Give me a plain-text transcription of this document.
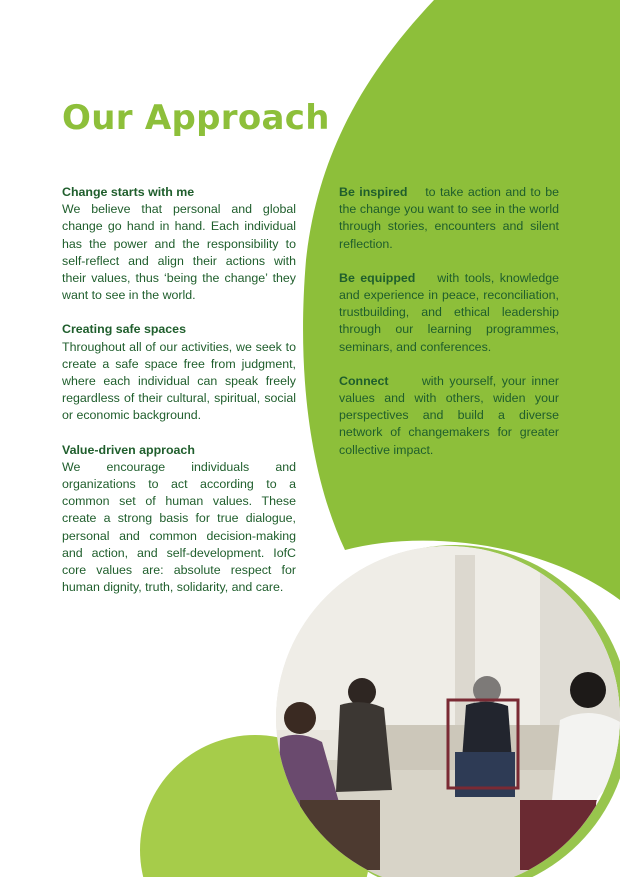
Our Approach
Change starts with me
We believe that personal and global change go hand in hand. Each individual has the power and the responsibility to self-reflect and align their actions with their values, thus ‘being the change’ they want to see in the world.
Creating safe spaces
Throughout all of our activities, we seek to create a safe space free from judgment, where each individual can speak freely regardless of their cultural, spiritual, social or economic background.
Value-driven approach
We encourage individuals and organizations to act according to a common set of human values. These create a strong basis for true dialogue, personal and common decision-making and action, and self-development. IofC core values are: absolute respect for human dignity, truth, solidarity, and care.
Be inspired to take action and to be the change you want to see in the world through stories, encounters and silent reflection.
Be equipped with tools, knowledge and experience in peace, reconciliation, trustbuilding, and ethical leadership through our learning programmes, seminars, and conferences.
Connect	with yourself, your inner values and with others, widen your perspectives and build a diverse network of changemakers for greater collective impact.
